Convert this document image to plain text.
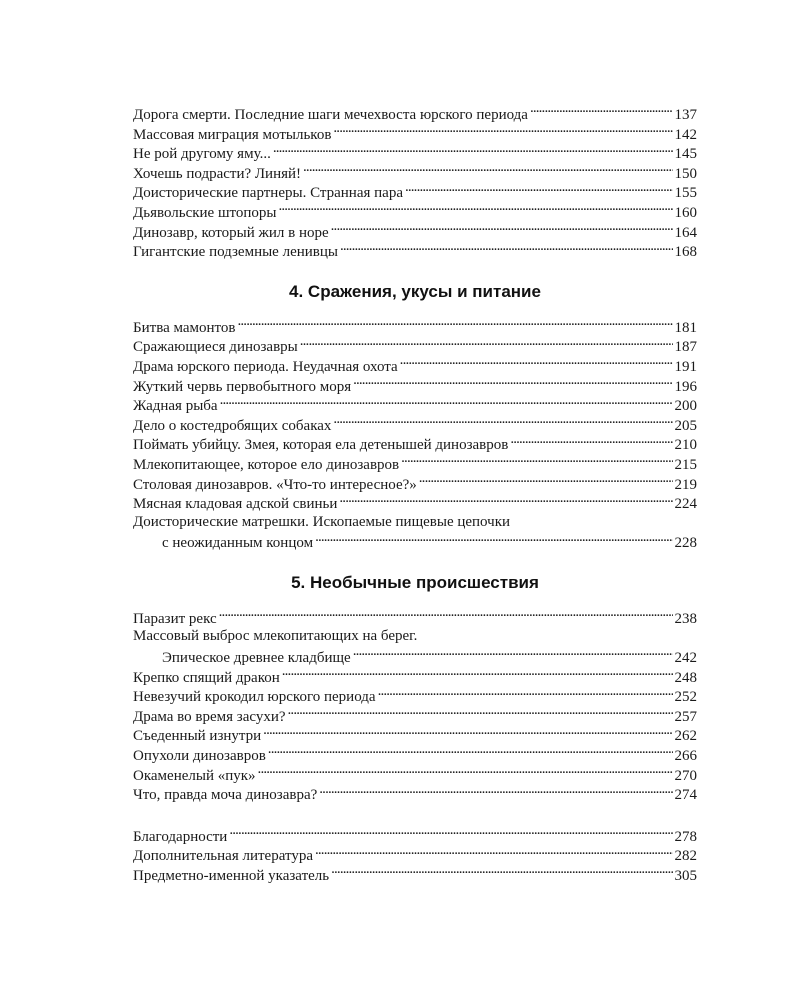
Дорога смерти. Последние шаги мечехвоста юрского периода . . .	137
Массовая миграция мотыльков . . .	142
Не рой другому яму... . . .	145
Хочешь подрасти? Линяй! . . .	150
Доисторические партнеры. Странная пара . . .	155
Дьявольские штопоры . . .	160
Динозавр, который жил в норе . . .	164
Гигантские подземные ленивцы . . .	168
4. Сражения, укусы и питание
Битва мамонтов . . .	181
Сражающиеся динозавры . . .	187
Драма юрского периода. Неудачная охота . . .	191
Жуткий червь первобытного моря . . .	196
Жадная рыба . . .	200
Дело о костедробящих собаках . . .	205
Поймать убийцу. Змея, которая ела детенышей динозавров . . .	210
Млекопитающее, которое ело динозавров . . .	215
Столовая динозавров. «Что-то интересное?» . . .	219
Мясная кладовая адской свиньи . . .	224
Доисторические матрешки. Ископаемые пищевые цепочки
с неожиданным концом . . .	228
5. Необычные происшествия
Паразит рекс . . .	238
Массовый выброс млекопитающих на берег.
Эпическое древнее кладбище . . .	242
Крепко спящий дракон . . .	248
Невезучий крокодил юрского периода . . .	252
Драма во время засухи? . . .	257
Съеденный изнутри . . .	262
Опухоли динозавров . . .	266
Окаменелый «пук» . . .	270
Что, правда моча динозавра? . . .	274
Благодарности . . .	278
Дополнительная литература . . .	282
Предметно-именной указатель . . .	305
